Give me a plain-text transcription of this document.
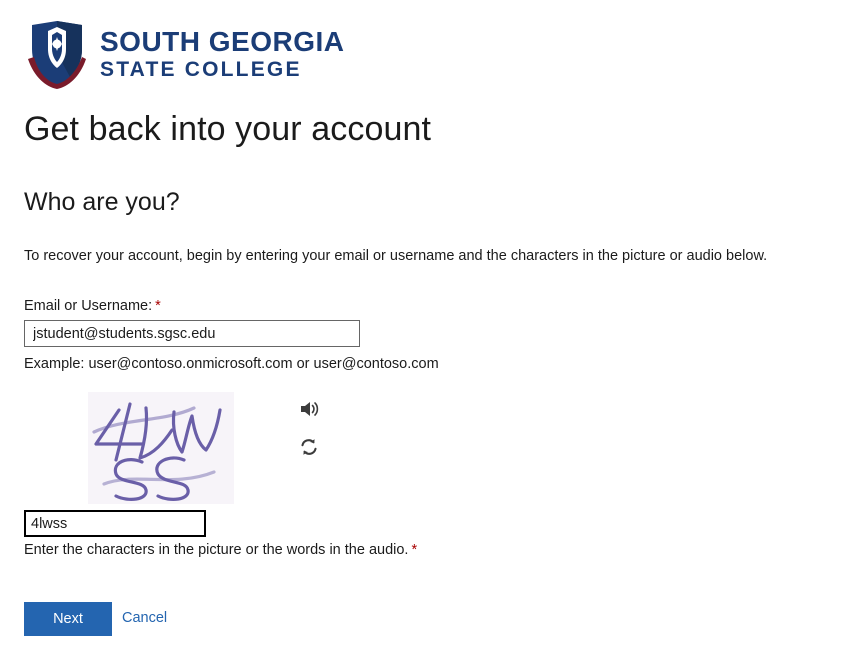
SOUTH GEORGIA
STATE COLLEGE
Get back into your account
Who are you?
To recover your account, begin by entering your email or username and the characters in the picture or audio below.
Email or Username: *
jstudent@students.sgsc.edu
Example: user@contoso.onmicrosoft.com or user@contoso.com
4lwss
Enter the characters in the picture or the words in the audio. *
Next	Cancel
